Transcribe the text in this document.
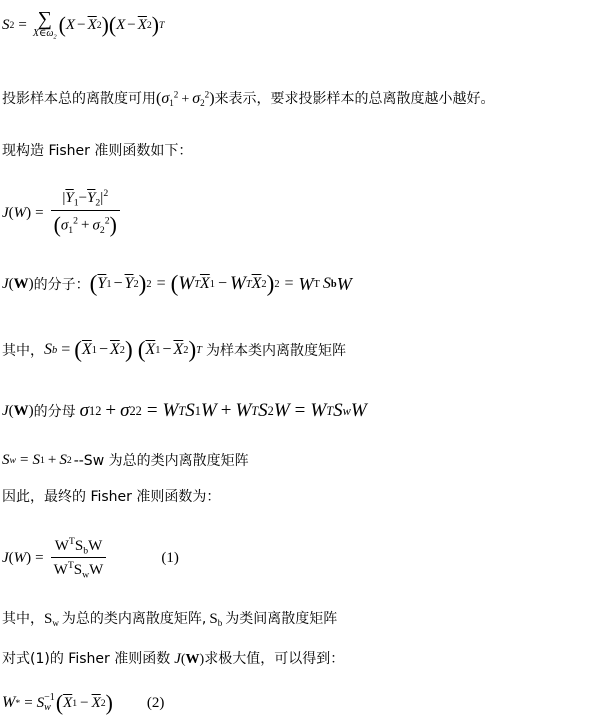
S 2 = ∑
$X\in\omega_2$
( $X - \overline{X}$ 2 ) ( $X - \overline{X}$ 2 ) T
投影样本总的离散度可用$(\sigma_1^2 + \sigma_2^2)$来表示，要求投影样本的总离散度越小越好。
现构造 Fisher 准则函数如下：
J ( W ) = $\frac{|\overline{Y}_1-\overline{Y}_2|^2}{(\sigma_1^2 + \sigma_2^2)}$
J ( W ) 的分子： ( $\overline{Y}$ $1 - \overline{Y}$ 2 ) 2 = ( W T $\overline{X}$ 1 − W T $\overline{X}$ 2 ) 2 = W T S b W
其中， S b = ( $\overline{X}$ $1 - \overline{X}$ 2 ) ( $\overline{X}$ $1 - \overline{X}$ 2 ) T 为样本类内离散度矩阵
J ( W ) 的分母 σ 1 2 + σ 2 2 = W T S 1 W + W T S 2 W = W T S w W
S w = S 1 + S 2 --Sw 为总的类内离散度矩阵
因此，最终的 Fisher 准则函数为：
J ( W ) = $\frac{W^TS_bW}{W^TS_wW}$	(1)
其中，$S_w$ 为总的类内离散度矩阵, $S_b$ 为类间离散度矩阵
对式(1)的 Fisher 准则函数 J(W)求极大值，可以得到：
W * = S −1
w ( $\overline{X}$ $1 - \overline{X}$ 2 ) (2)
